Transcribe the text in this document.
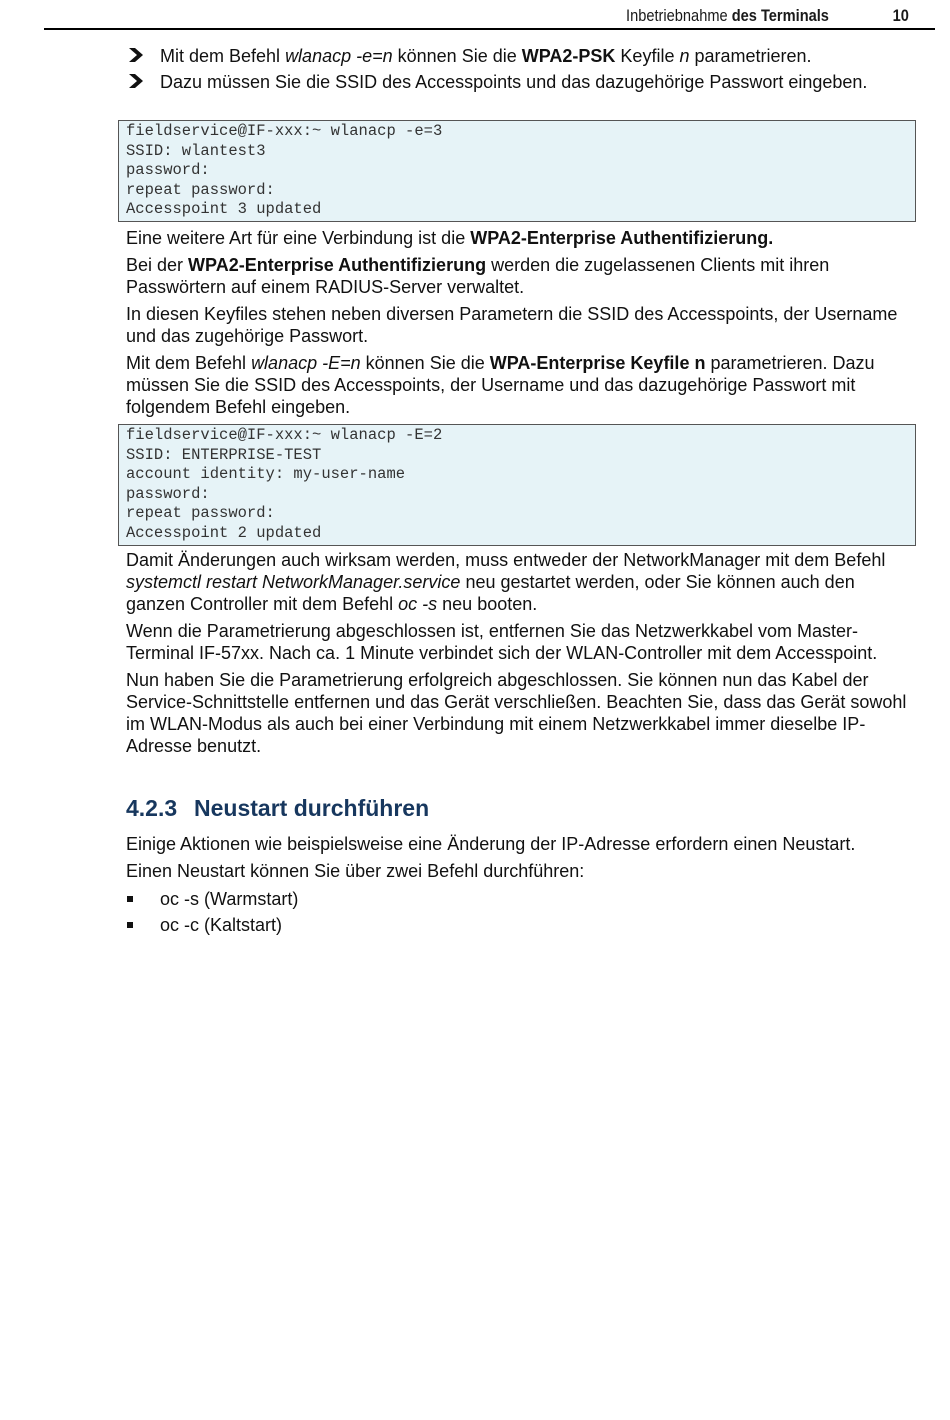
Inbetriebnahme des Terminals	10
Mit dem Befehl wlanacp -e=n können Sie die WPA2-PSK Keyfile n parametrieren.
Dazu müssen Sie die SSID des Accesspoints und das dazugehörige Passwort eingeben.
fieldservice@IF-xxx:~ wlanacp -e=3
SSID: wlantest3
password:
repeat password:
Accesspoint 3 updated

Eine weitere Art für eine Verbindung ist die WPA2-Enterprise Authentifizierung.

Bei der WPA2-Enterprise Authentifizierung werden die zugelassenen Clients mit ihren Passwörtern auf einem RADIUS-Server verwaltet.

In diesen Keyfiles stehen neben diversen Parametern die SSID des Accesspoints, der Username und das zugehörige Passwort.

Mit dem Befehl wlanacp -E=n können Sie die WPA-Enterprise Keyfile n parametrieren. Dazu müssen Sie die SSID des Accesspoints, der Username und das dazugehörige Passwort mit folgendem Befehl eingeben.

fieldservice@IF-xxx:~ wlanacp -E=2
SSID: ENTERPRISE-TEST
account identity: my-user-name
password:
repeat password:
Accesspoint 2 updated

Damit Änderungen auch wirksam werden, muss entweder der NetworkManager mit dem Befehl systemctl restart NetworkManager.service neu gestartet werden, oder Sie können auch den ganzen Controller mit dem Befehl oc -s neu booten.

Wenn die Parametrierung abgeschlossen ist, entfernen Sie das Netzwerkkabel vom Master-Terminal IF-57xx. Nach ca. 1 Minute verbindet sich der WLAN-Controller mit dem Accesspoint.

Nun haben Sie die Parametrierung erfolgreich abgeschlossen. Sie können nun das Kabel der Service-Schnittstelle entfernen und das Gerät verschließen. Beachten Sie, dass das Gerät sowohl im WLAN-Modus als auch bei einer Verbindung mit einem Netzwerkkabel immer dieselbe IP-Adresse benutzt.

4.2.3 Neustart durchführen

Einige Aktionen wie beispielsweise eine Änderung der IP-Adresse erfordern einen Neustart.

Einen Neustart können Sie über zwei Befehl durchführen:

oc -s (Warmstart)
oc -c (Kaltstart)
